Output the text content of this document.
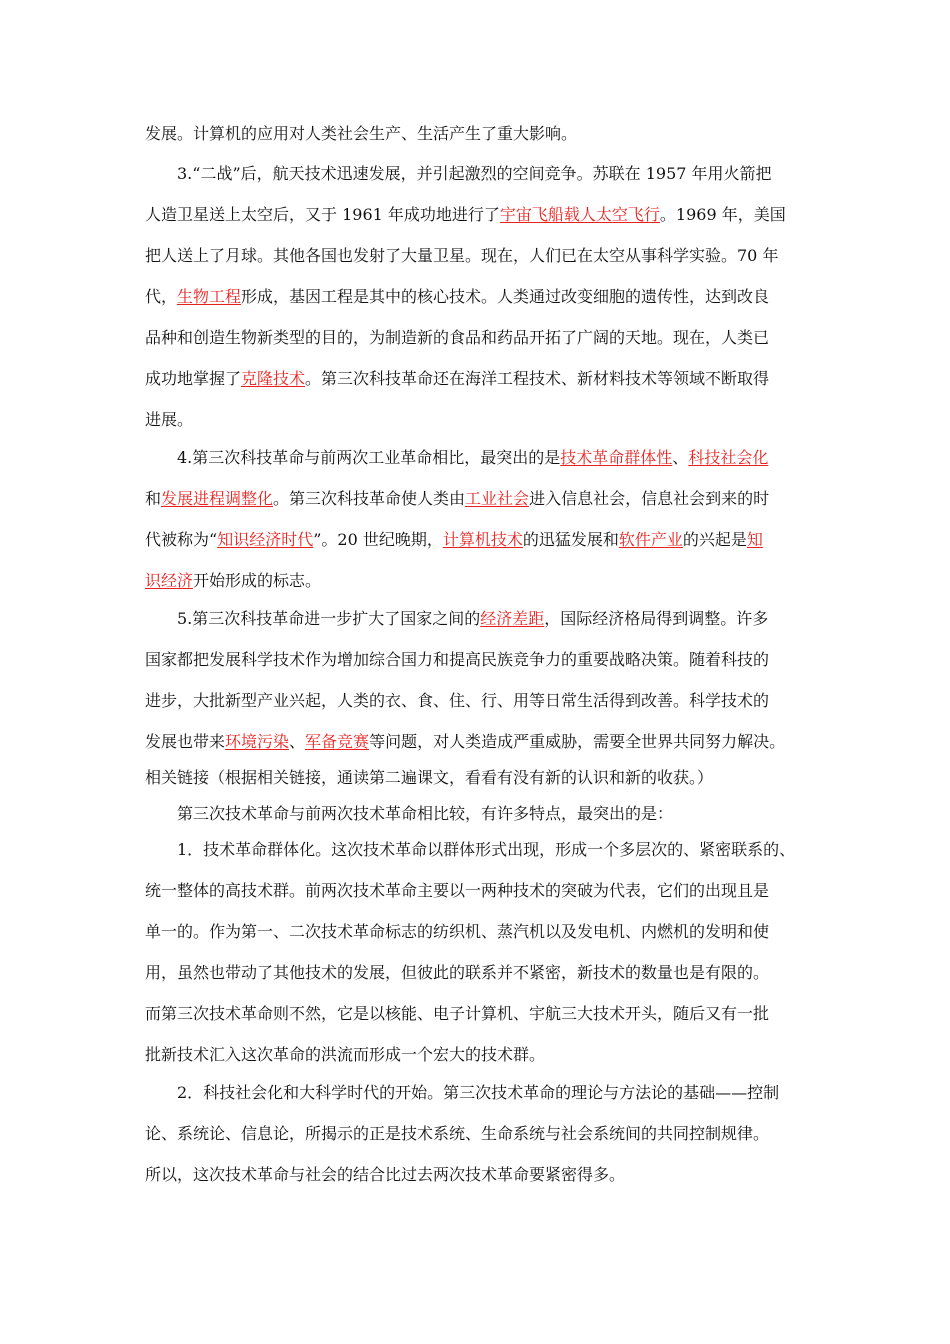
发展。计算机的应用对人类社会生产、生活产生了重大影响。
3.“二战”后，航天技术迅速发展，并引起激烈的空间竞争。苏联在 1957 年用火箭把
人造卫星送上太空后，又于 1961 年成功地进行了宇宙飞船载人太空飞行。1969 年，美国
把人送上了月球。其他各国也发射了大量卫星。现在，人们已在太空从事科学实验。70 年
代，生物工程形成，基因工程是其中的核心技术。人类通过改变细胞的遗传性，达到改良
品种和创造生物新类型的目的，为制造新的食品和药品开拓了广阔的天地。现在，人类已
成功地掌握了克隆技术。第三次科技革命还在海洋工程技术、新材料技术等领域不断取得
进展。
4.第三次科技革命与前两次工业革命相比，最突出的是技术革命群体性、科技社会化
和发展进程调整化。第三次科技革命使人类由工业社会进入信息社会，信息社会到来的时
代被称为“知识经济时代”。20 世纪晚期，计算机技术的迅猛发展和软件产业的兴起是知
识经济开始形成的标志。
5.第三次科技革命进一步扩大了国家之间的经济差距，国际经济格局得到调整。许多
国家都把发展科学技术作为增加综合国力和提高民族竞争力的重要战略决策。随着科技的
进步，大批新型产业兴起，人类的衣、食、住、行、用等日常生活得到改善。科学技术的
发展也带来环境污染、军备竞赛等问题，对人类造成严重威胁，需要全世界共同努力解决。
相关链接（根据相关链接，通读第二遍课文，看看有没有新的认识和新的收获。）
第三次技术革命与前两次技术革命相比较，有许多特点，最突出的是：
1．技术革命群体化。这次技术革命以群体形式出现，形成一个多层次的、紧密联系的、
统一整体的高技术群。前两次技术革命主要以一两种技术的突破为代表，它们的出现且是
单一的。作为第一、二次技术革命标志的纺织机、蒸汽机以及发电机、内燃机的发明和使
用，虽然也带动了其他技术的发展，但彼此的联系并不紧密，新技术的数量也是有限的。
而第三次技术革命则不然，它是以核能、电子计算机、宇航三大技术开头，随后又有一批
批新技术汇入这次革命的洪流而形成一个宏大的技术群。
2．科技社会化和大科学时代的开始。第三次技术革命的理论与方法论的基础——控制
论、系统论、信息论，所揭示的正是技术系统、生命系统与社会系统间的共同控制规律。
所以，这次技术革命与社会的结合比过去两次技术革命要紧密得多。
